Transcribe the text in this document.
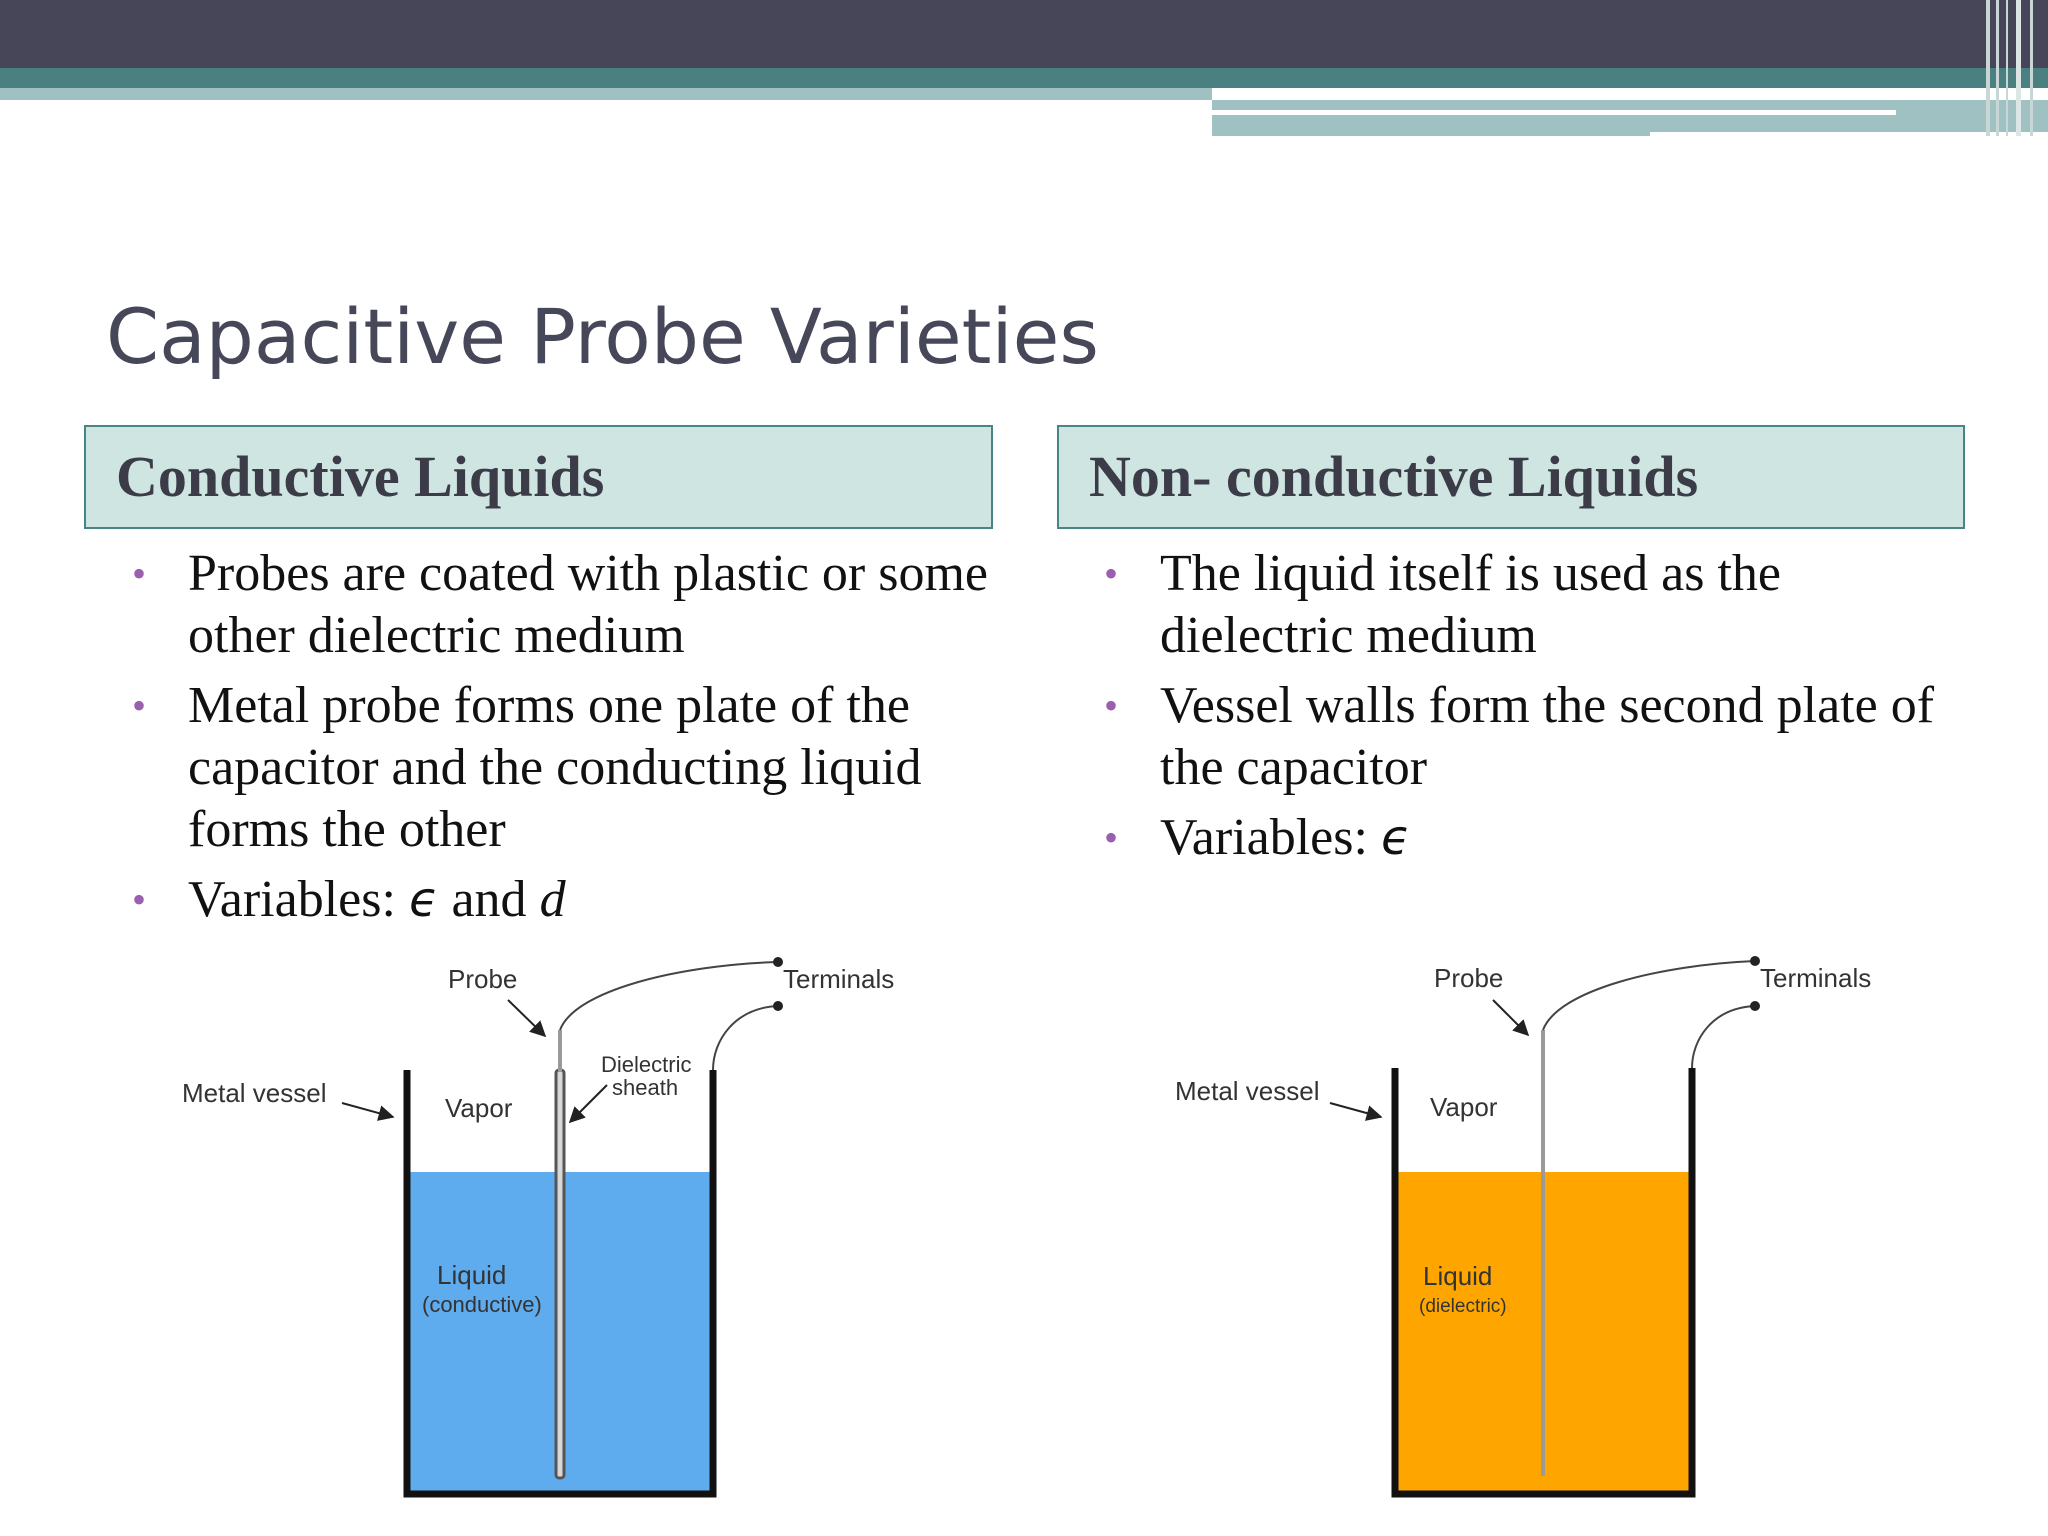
Capacitive Probe Varieties
Conductive Liquids
• Probes are coated with plastic or some other dielectric medium
• Metal probe forms one plate of the capacitor and the conducting liquid forms the other
• Variables: ϵ and d
Non- conductive Liquids
• The liquid itself is used as the dielectric medium
• Vessel walls form the second plate of the capacitor
• Variables: ϵ
Probe	Terminals
Metal vessel
Dielectric
sheath
Vapor
Liquid
(conductive)
Probe	Terminals
Metal vessel
Vapor
Liquid
(dielectric)
